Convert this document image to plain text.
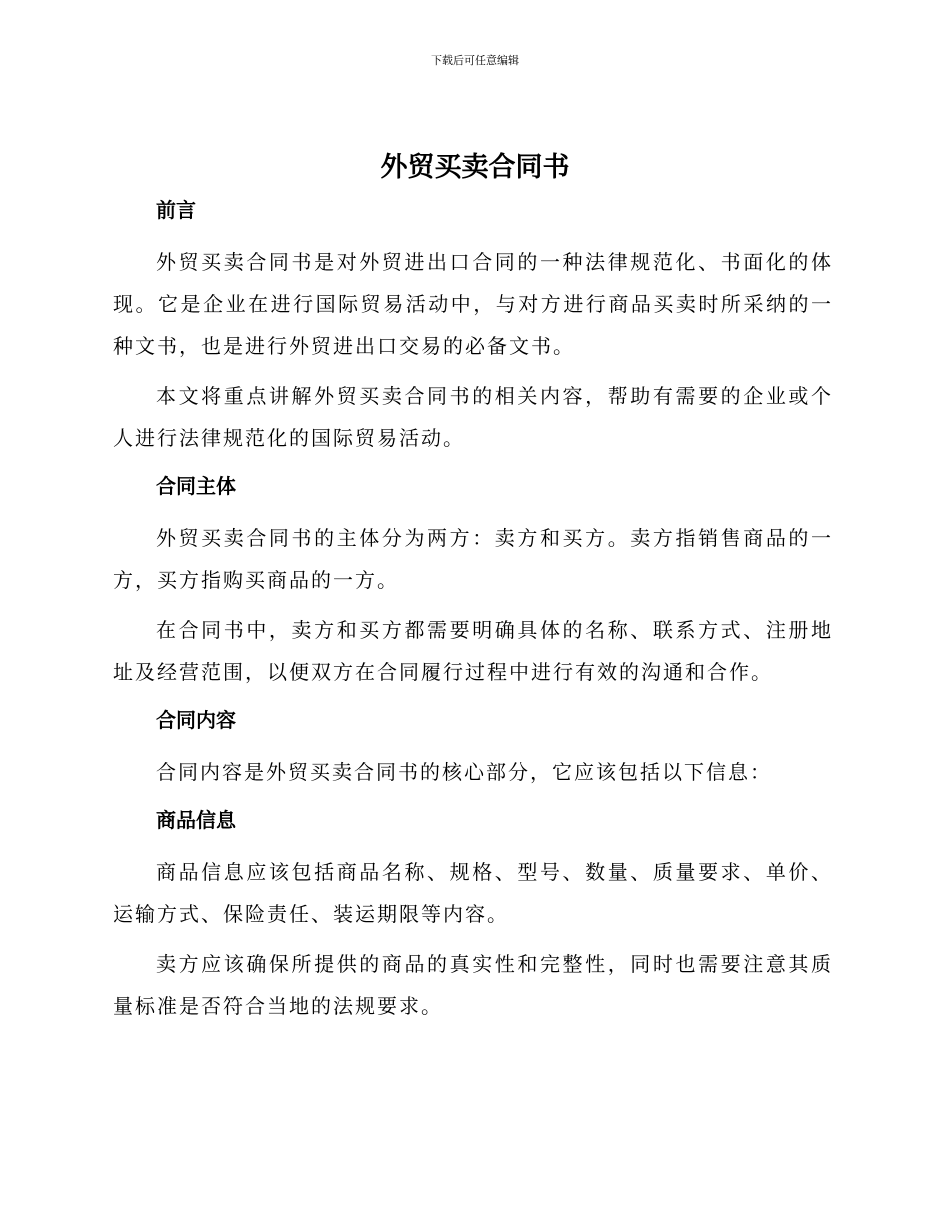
下载后可任意编辑
外贸买卖合同书
前言

外贸买卖合同书是对外贸进出口合同的一种法律规范化、书面化的体现。它是企业在进行国际贸易活动中，与对方进行商品买卖时所采纳的一种文书，也是进行外贸进出口交易的必备文书。

本文将重点讲解外贸买卖合同书的相关内容，帮助有需要的企业或个人进行法律规范化的国际贸易活动。

合同主体

外贸买卖合同书的主体分为两方：卖方和买方。卖方指销售商品的一方，买方指购买商品的一方。

在合同书中，卖方和买方都需要明确具体的名称、联系方式、注册地址及经营范围，以便双方在合同履行过程中进行有效的沟通和合作。

合同内容

合同内容是外贸买卖合同书的核心部分，它应该包括以下信息：

商品信息

商品信息应该包括商品名称、规格、型号、数量、质量要求、单价、运输方式、保险责任、装运期限等内容。

卖方应该确保所提供的商品的真实性和完整性，同时也需要注意其质量标准是否符合当地的法规要求。
